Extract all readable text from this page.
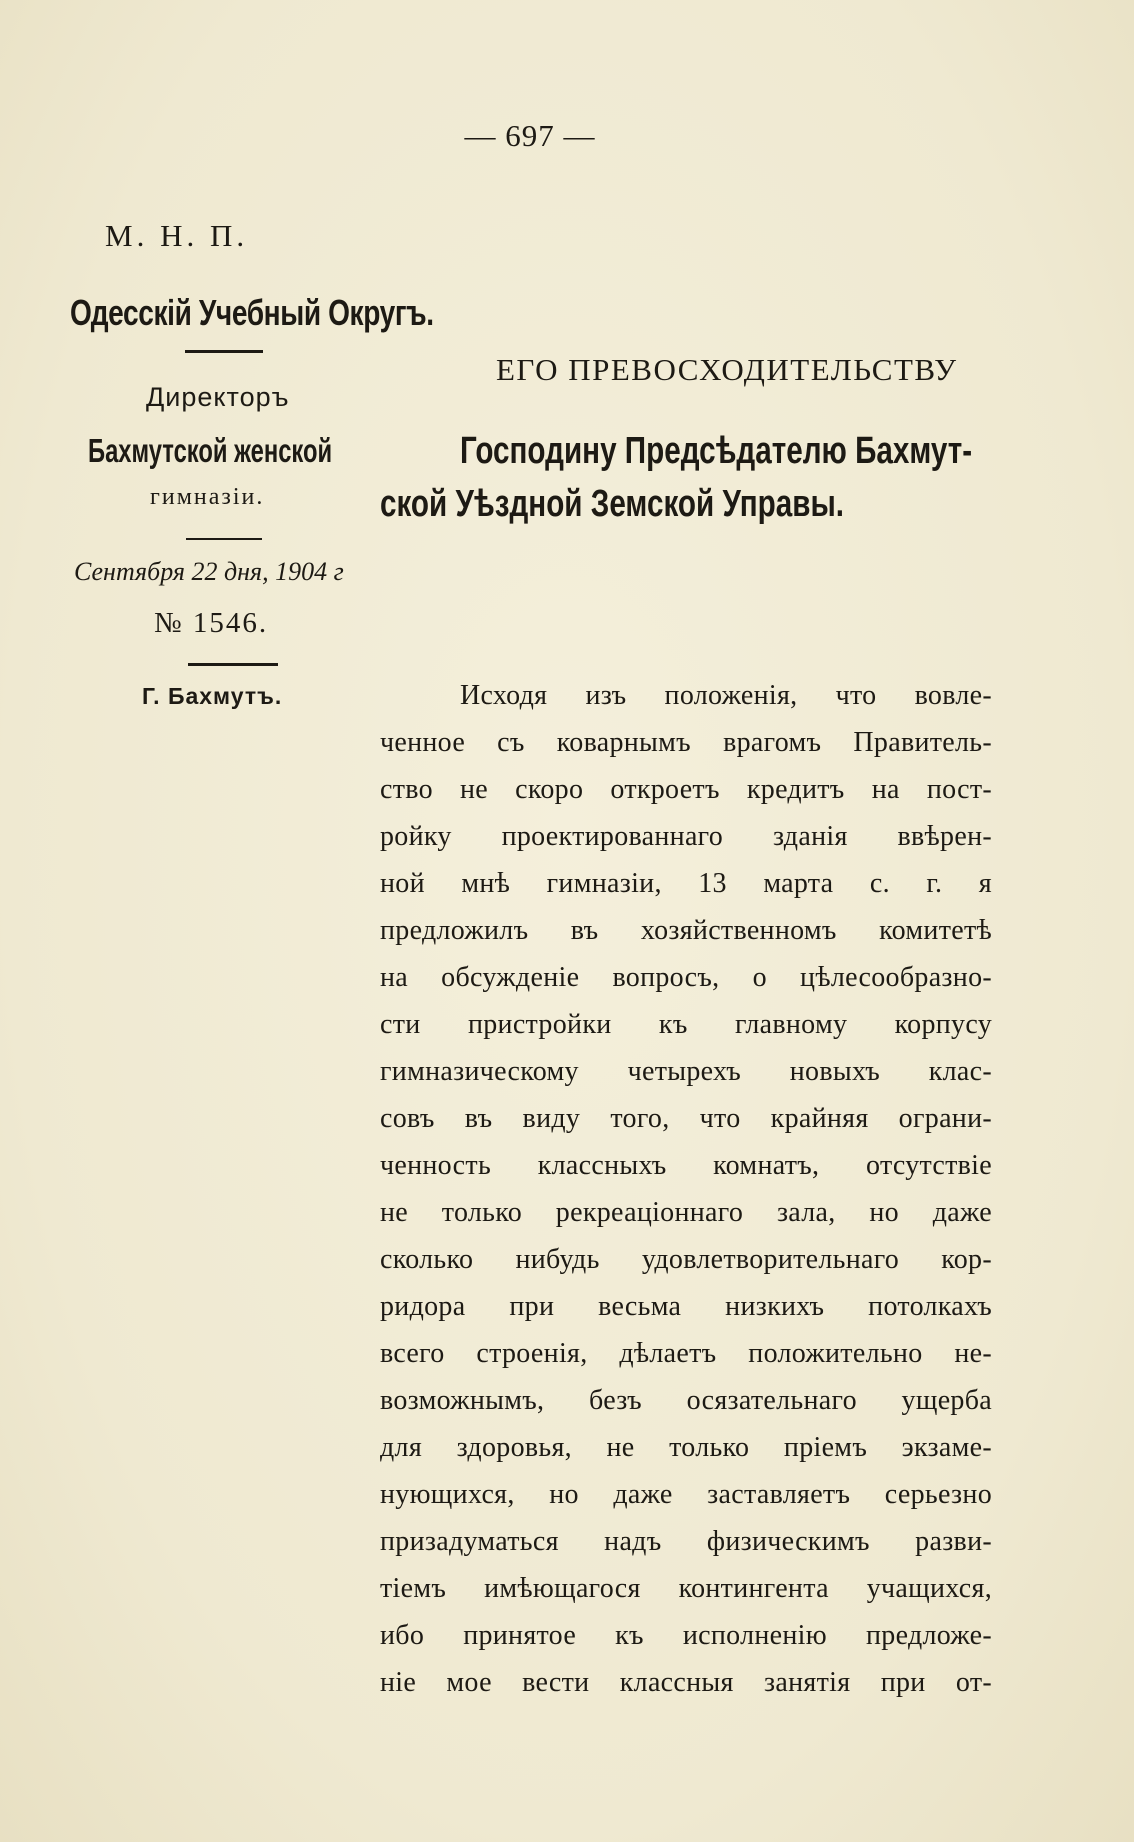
— 697 —
М. Н. П.
Одесскій Учебный Округъ.
Директоръ
Бахмутской женской
гимназіи.
Сентября 22 дня, 1904 г
№ 1546.
Г. Бахмутъ.
ЕГО ПРЕВОСХОДИТЕЛЬСТВУ
Господину Предсѣдателю Бахмут-
ской Уѣздной Земской Управы.
Исходя изъ положенія, что вовле-
ченное съ коварнымъ врагомъ Правитель-
ство не скоро откроетъ кредитъ на пост-
ройку проектированнаго зданія ввѣрен-
ной мнѣ гимназіи, 13 марта с. г. я
предложилъ въ хозяйственномъ комитетѣ
на обсужденіе вопросъ, о цѣлесообразно-
сти пристройки къ главному корпусу
гимназическому четырехъ новыхъ клас-
совъ въ виду того, что крайняя ограни-
ченность классныхъ комнатъ, отсутствіе
не только рекреаціоннаго зала, но даже
сколько нибудь удовлетворительнаго кор-
ридора при весьма низкихъ потолкахъ
всего строенія, дѣлаетъ положительно не-
возможнымъ, безъ осязательнаго ущерба
для здоровья, не только пріемъ экзаме-
нующихся, но даже заставляетъ серьезно
призадуматься надъ физическимъ разви-
тіемъ имѣющагося контингента учащихся,
ибо принятое къ исполненію предложе-
ніе мое вести классныя занятія при от-
